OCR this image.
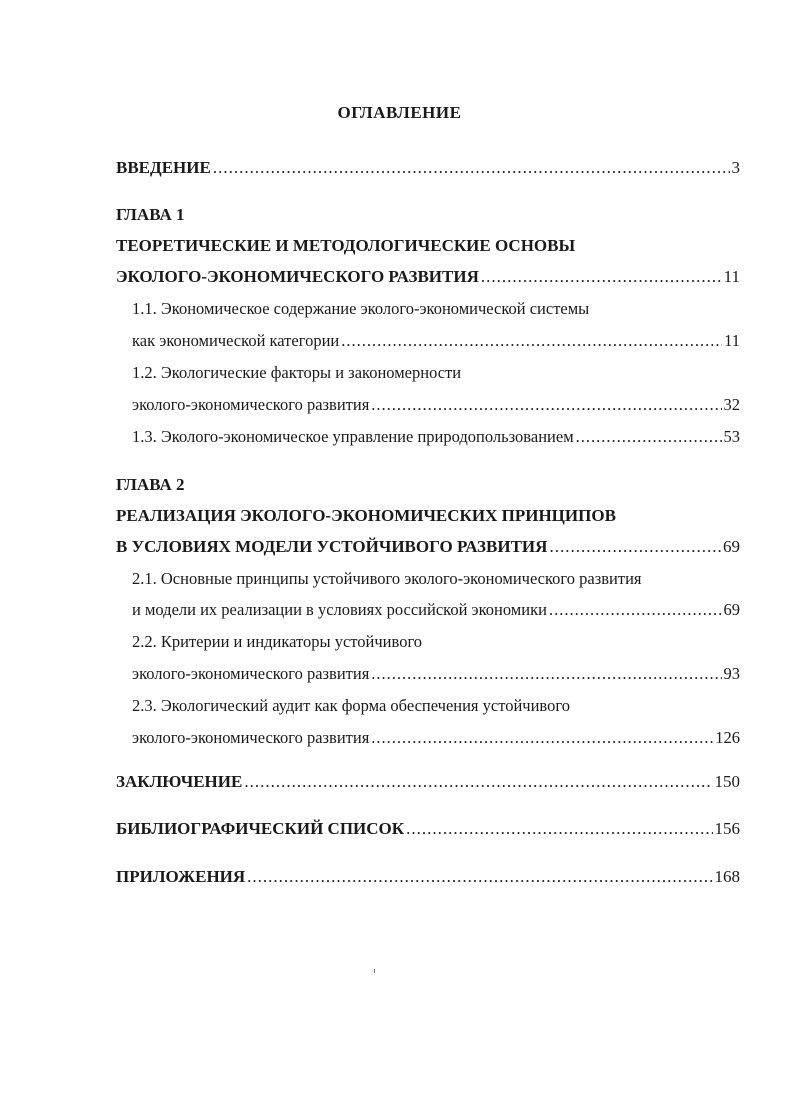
ОГЛАВЛЕНИЕ
ВВЕДЕНИЕ .....	3
ГЛАВА 1
ТЕОРЕТИЧЕСКИЕ И МЕТОДОЛОГИЧЕСКИЕ ОСНОВЫ
ЭКОЛОГО-ЭКОНОМИЧЕСКОГО РАЗВИТИЯ .....	11
1.1. Экономическое содержание эколого-экономической системы
как экономической категории .....	11
1.2. Экологические факторы и закономерности
эколого-экономического развития .....	32
1.3. Эколого-экономическое управление природопользованием .....	53
ГЛАВА 2
РЕАЛИЗАЦИЯ ЭКОЛОГО-ЭКОНОМИЧЕСКИХ ПРИНЦИПОВ
В УСЛОВИЯХ МОДЕЛИ УСТОЙЧИВОГО РАЗВИТИЯ .....	69
2.1. Основные принципы устойчивого эколого-экономического развития
и модели их реализации в условиях российской экономики .....	69
2.2. Критерии и индикаторы устойчивого
эколого-экономического развития .....	93
2.3. Экологический аудит как форма обеспечения устойчивого
эколого-экономического развития .....	126
ЗАКЛЮЧЕНИЕ .....	150
БИБЛИОГРАФИЧЕСКИЙ СПИСОК .....	156
ПРИЛОЖЕНИЯ .....	168
